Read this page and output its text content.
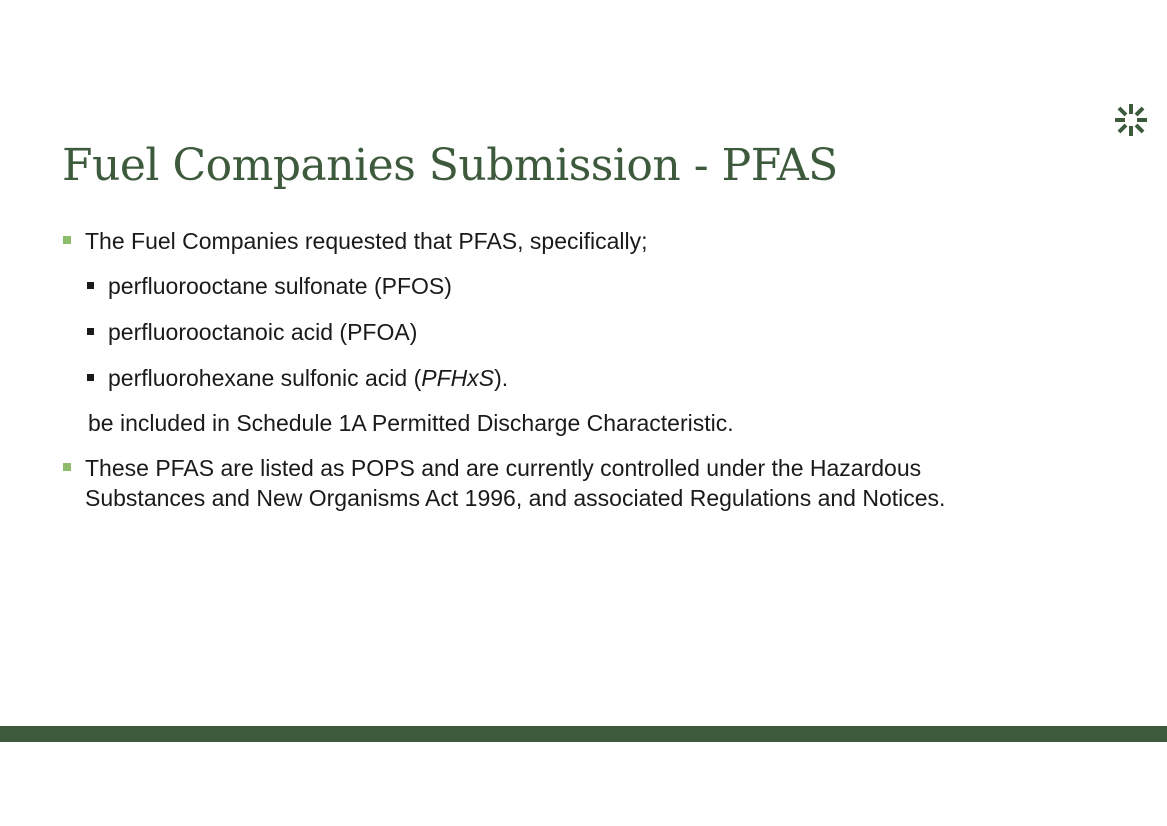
Fuel Companies Submission - PFAS

The Fuel Companies requested that PFAS, specifically;

perfluorooctane sulfonate (PFOS)

perfluorooctanoic acid (PFOA)

perfluorohexane sulfonic acid (PFHxS).

be included in Schedule 1A Permitted Discharge Characteristic.

These PFAS are listed as POPS and are currently controlled under the Hazardous
Substances and New Organisms Act 1996, and associated Regulations and Notices.
